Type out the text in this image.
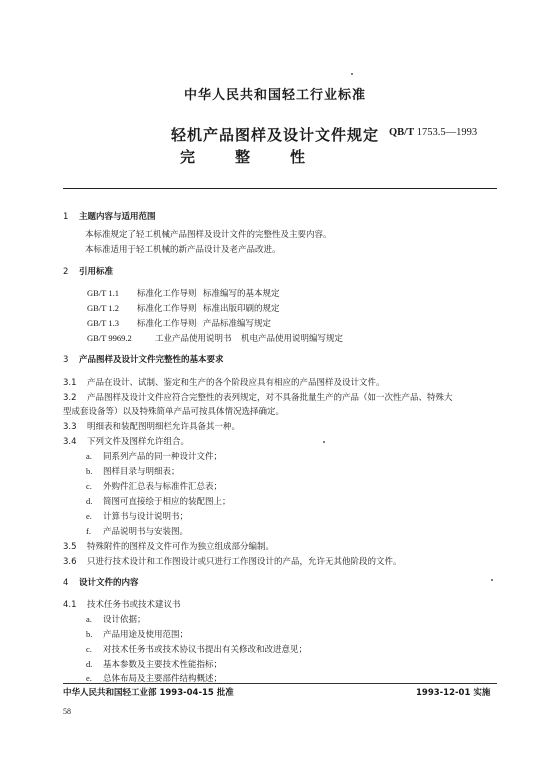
中华人民共和国轻工行业标准
轻机产品图样及设计文件规定
完	整	性
QB/T 1753.5—1993
1 主题内容与适用范围
本标准规定了轻工机械产品图样及设计文件的完整性及主要内容。
本标准适用于轻工机械的新产品设计及老产品改进。
2 引用标准
GB/T 1.1 标准化工作导则 标准编写的基本规定
GB/T 1.2 标准化工作导则 标准出版印刷的规定
GB/T 1.3 标准化工作导则 产品标准编写规定
GB/T 9969.2	工业产品使用说明书 机电产品使用说明编写规定
3 产品图样及设计文件完整性的基本要求
3.1 产品在设计、试制、鉴定和生产的各个阶段应具有相应的产品图样及设计文件。
3.2 产品图样及设计文件应符合完整性的表列规定，对不具备批量生产的产品（如一次性产品、特殊大
型成套设备等）以及特殊简单产品可按具体情况选择确定。
3.3 明细表和装配图明细栏允许具备其一种。
3.4 下列文件及图样允许组合。
a. 同系列产品的同一种设计文件；
b. 图样目录与明细表；
c. 外购件汇总表与标准件汇总表；
d. 简图可直接绘于相应的装配图上；
e. 计算书与设计说明书；
f. 产品说明书与安装图。
3.5 特殊附件的图样及文件可作为独立组成部分编制。
3.6 只进行技术设计和工作图设计或只进行工作图设计的产品，允许无其他阶段的文件。
4 设计文件的内容
4.1 技术任务书或技术建议书
a. 设计依据；
b. 产品用途及使用范围；
c. 对技术任务书或技术协议书提出有关修改和改进意见；
d. 基本参数及主要技术性能指标；
e. 总体布局及主要部件结构概述；
中华人民共和国轻工业部 1993-04-15 批准	1993-12-01 实施
58
